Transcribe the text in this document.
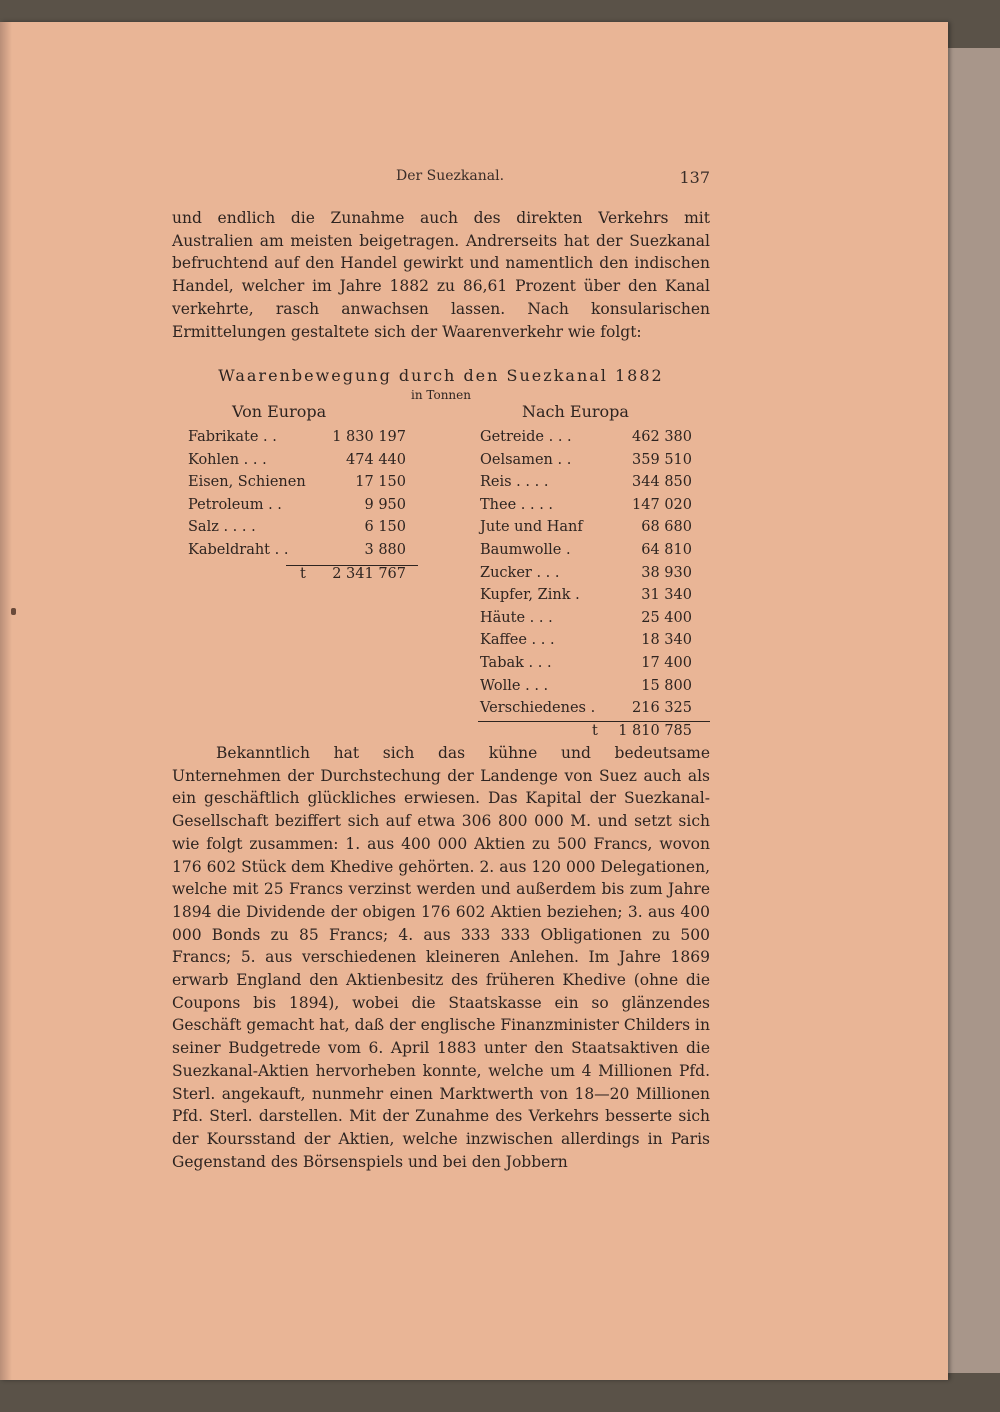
Der Suezkanal.	137

und endlich die Zunahme auch des direkten Verkehrs mit Australien am meisten beigetragen. Andrerseits hat der Suezkanal befruchtend auf den Handel gewirkt und namentlich den indischen Handel, welcher im Jahre 1882 zu 86,61 Prozent über den Kanal verkehrte, rasch anwachsen lassen. Nach konsularischen Ermittelungen gestaltete sich der Waarenverkehr wie folgt:

Waarenbewegung durch den Suezkanal 1882
in Tonnen
Von Europa	Nach Europa
Fabrikate . .	1 830 197
Kohlen . . .	474 440
Eisen, Schienen	17 150
Petroleum . .	9 950
Salz . . . .	6 150
Kabeldraht . .	3 880
t 2 341 767
Getreide . . .	462 380
Oelsamen . .	359 510
Reis . . . .	344 850
Thee . . . .	147 020
Jute und Hanf	68 680
Baumwolle .	64 810
Zucker . . .	38 930
Kupfer, Zink .	31 340
Häute . . .	25 400
Kaffee . . .	18 340
Tabak . . .	17 400
Wolle . . .	15 800
Verschiedenes .	216 325
t 1 810 785

Bekanntlich hat sich das kühne und bedeutsame Unternehmen der Durchstechung der Landenge von Suez auch als ein geschäftlich glückliches erwiesen. Das Kapital der Suezkanal-Gesellschaft beziffert sich auf etwa 306 800 000 M. und setzt sich wie folgt zusammen: 1. aus 400 000 Aktien zu 500 Francs, wovon 176 602 Stück dem Khedive gehörten. 2. aus 120 000 Delegationen, welche mit 25 Francs verzinst werden und außerdem bis zum Jahre 1894 die Dividende der obigen 176 602 Aktien beziehen; 3. aus 400 000 Bonds zu 85 Francs; 4. aus 333 333 Obligationen zu 500 Francs; 5. aus verschiedenen kleineren Anlehen. Im Jahre 1869 erwarb England den Aktienbesitz des früheren Khedive (ohne die Coupons bis 1894), wobei die Staatskasse ein so glänzendes Geschäft gemacht hat, daß der englische Finanzminister Childers in seiner Budgetrede vom 6. April 1883 unter den Staatsaktiven die Suezkanal-Aktien hervorheben konnte, welche um 4 Millionen Pfd. Sterl. angekauft, nunmehr einen Marktwerth von 18—20 Millionen Pfd. Sterl. darstellen. Mit der Zunahme des Verkehrs besserte sich der Koursstand der Aktien, welche inzwischen allerdings in Paris Gegenstand des Börsenspiels und bei den Jobbern
